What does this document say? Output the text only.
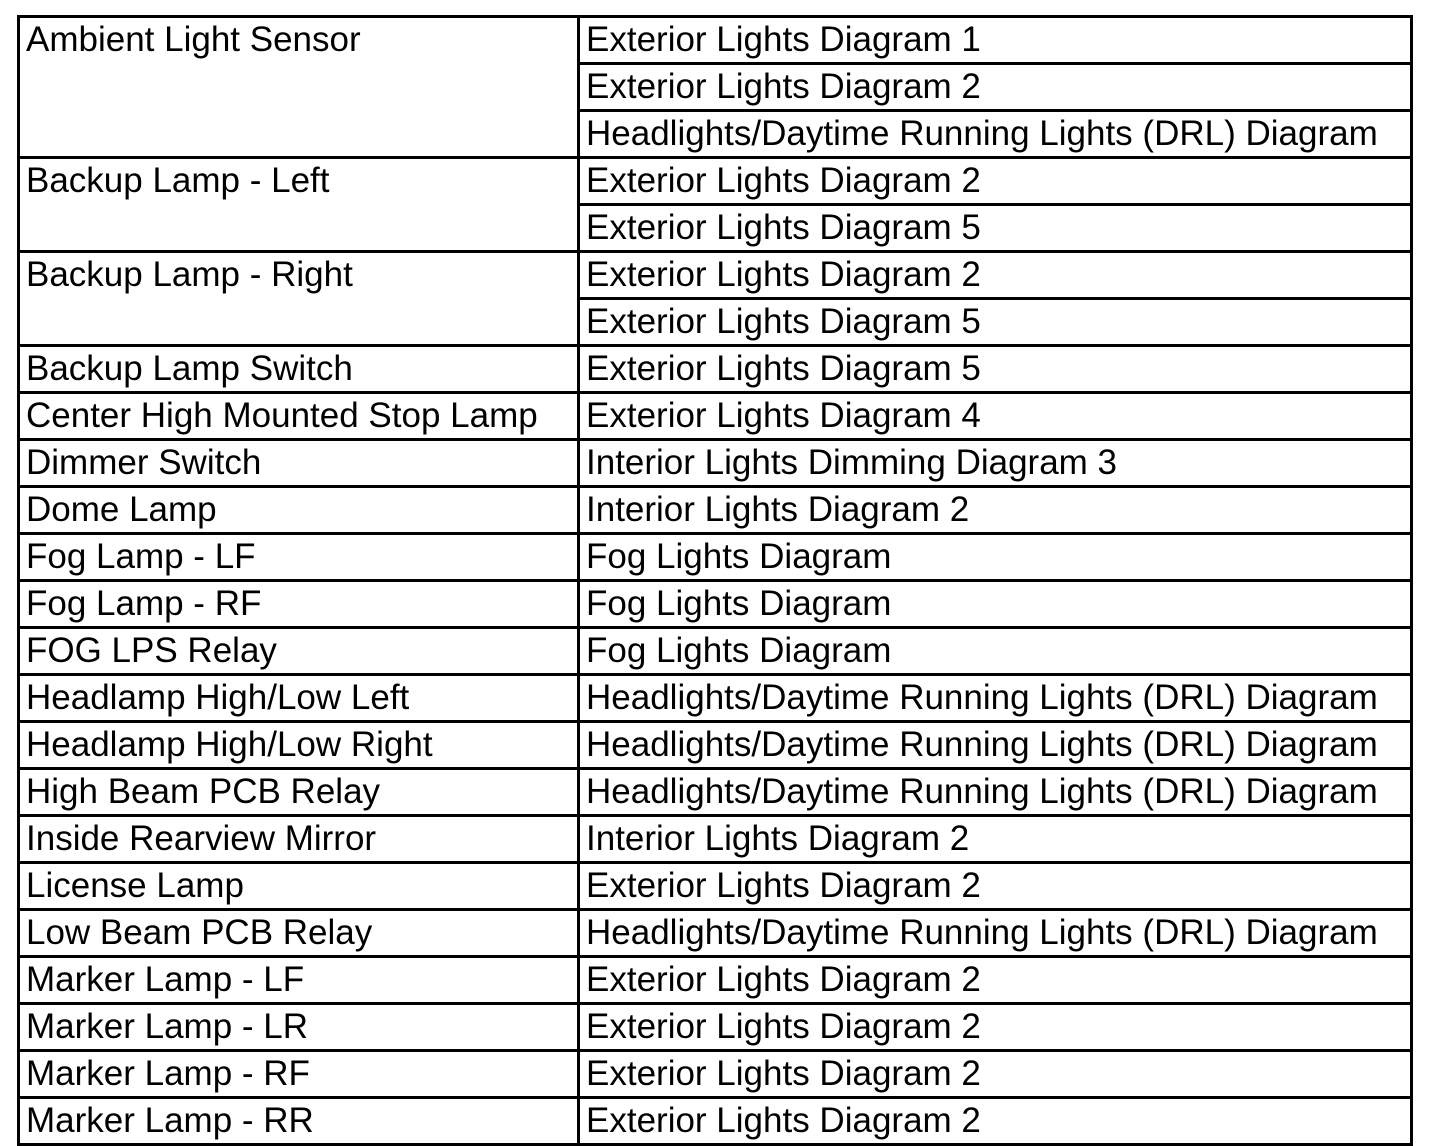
Ambient Light Sensor	Exterior Lights Diagram 1
	Exterior Lights Diagram 2
	Headlights/Daytime Running Lights (DRL) Diagram
Backup Lamp - Left	Exterior Lights Diagram 2
	Exterior Lights Diagram 5
Backup Lamp - Right	Exterior Lights Diagram 2
	Exterior Lights Diagram 5
Backup Lamp Switch	Exterior Lights Diagram 5
Center High Mounted Stop Lamp	Exterior Lights Diagram 4
Dimmer Switch	Interior Lights Dimming Diagram 3
Dome Lamp	Interior Lights Diagram 2
Fog Lamp - LF	Fog Lights Diagram
Fog Lamp - RF	Fog Lights Diagram
FOG LPS Relay	Fog Lights Diagram
Headlamp High/Low Left	Headlights/Daytime Running Lights (DRL) Diagram
Headlamp High/Low Right	Headlights/Daytime Running Lights (DRL) Diagram
High Beam PCB Relay	Headlights/Daytime Running Lights (DRL) Diagram
Inside Rearview Mirror	Interior Lights Diagram 2
License Lamp	Exterior Lights Diagram 2
Low Beam PCB Relay	Headlights/Daytime Running Lights (DRL) Diagram
Marker Lamp - LF	Exterior Lights Diagram 2
Marker Lamp - LR	Exterior Lights Diagram 2
Marker Lamp - RF	Exterior Lights Diagram 2
Marker Lamp - RR	Exterior Lights Diagram 2
